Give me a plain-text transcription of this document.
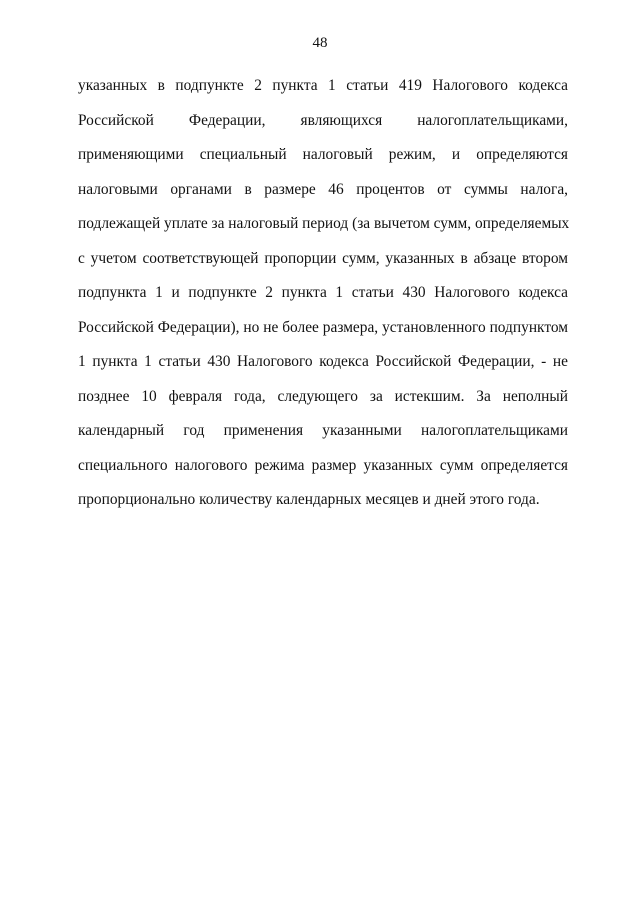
48
указанных в подпункте 2 пункта 1 статьи 419 Налогового кодекса
Российской Федерации, являющихся налогоплательщиками,
применяющими специальный налоговый режим, и определяются
налоговыми органами в размере 46 процентов от суммы налога,
подлежащей уплате за налоговый период (за вычетом сумм, определяемых
с учетом соответствующей пропорции сумм, указанных в абзаце втором
подпункта 1 и подпункте 2 пункта 1 статьи 430 Налогового кодекса
Российской Федерации), но не более размера, установленного подпунктом
1 пункта 1 статьи 430 Налогового кодекса Российской Федерации, - не
позднее 10 февраля года, следующего за истекшим. За неполный
календарный год применения указанными налогоплательщиками
специального налогового режима размер указанных сумм определяется
пропорционально количеству календарных месяцев и дней этого года.
